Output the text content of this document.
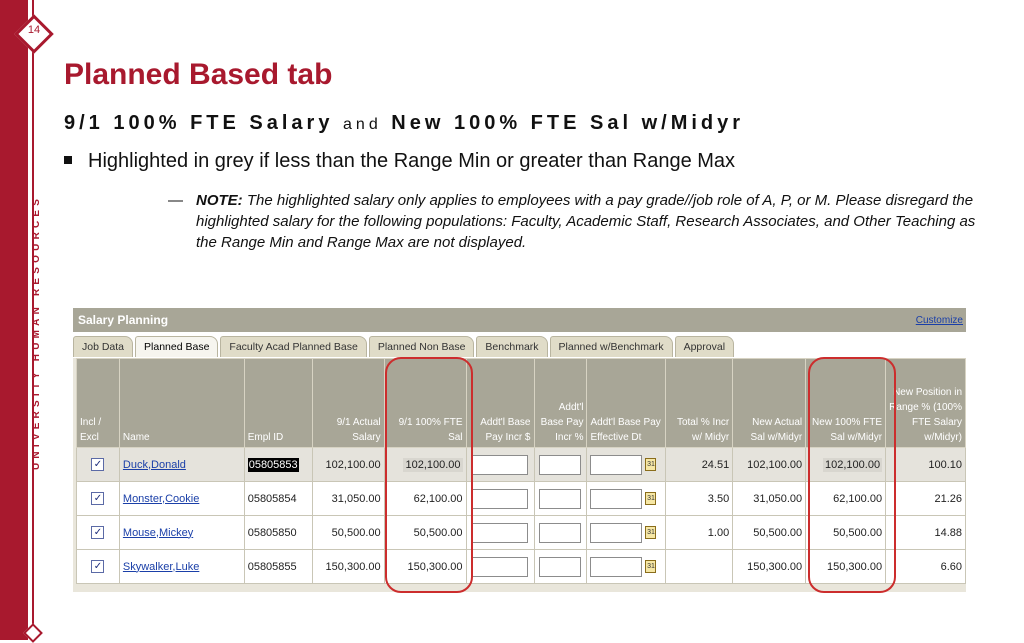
14
UNIVERSITY HUMAN RESOURCES
Planned Based tab
9/1 100% FTE Salary and New 100% FTE Sal w/Midyr
Highlighted in grey if less than the Range Min or greater than Range Max
— NOTE: The highlighted salary only applies to employees with a pay grade//job role of A, P, or M. Please disregard the highlighted salary for the following populations: Faculty, Academic Staff, Research Associates, and Other Teaching as the Range Min and Range Max are not displayed.
Salary Planning	Customize
Job Data	Planned Base	Faculty Acad Planned Base	Planned Non Base	Benchmark	Planned w/Benchmark	Approval
Incl / Excl	Name	Empl ID	9/1 Actual Salary	9/1 100% FTE Sal	Addt'l Base Pay Incr $	Addt'l Base Pay Incr %	Addt'l Base Pay Effective Dt	Total % Incr w/ Midyr	New Actual Sal w/Midyr	New 100% FTE Sal w/Midyr	New Position in Range % (100% FTE Salary w/Midyr)
✓	Duck,Donald	05805853	102,100.00	102,100.00			31	24.51	102,100.00	102,100.00	100.10
✓	Monster,Cookie	05805854	31,050.00	62,100.00			31	3.50	31,050.00	62,100.00	21.26
✓	Mouse,Mickey	05805850	50,500.00	50,500.00			31	1.00	50,500.00	50,500.00	14.88
✓	Skywalker,Luke	05805855	150,300.00	150,300.00			31		150,300.00	150,300.00	6.60
